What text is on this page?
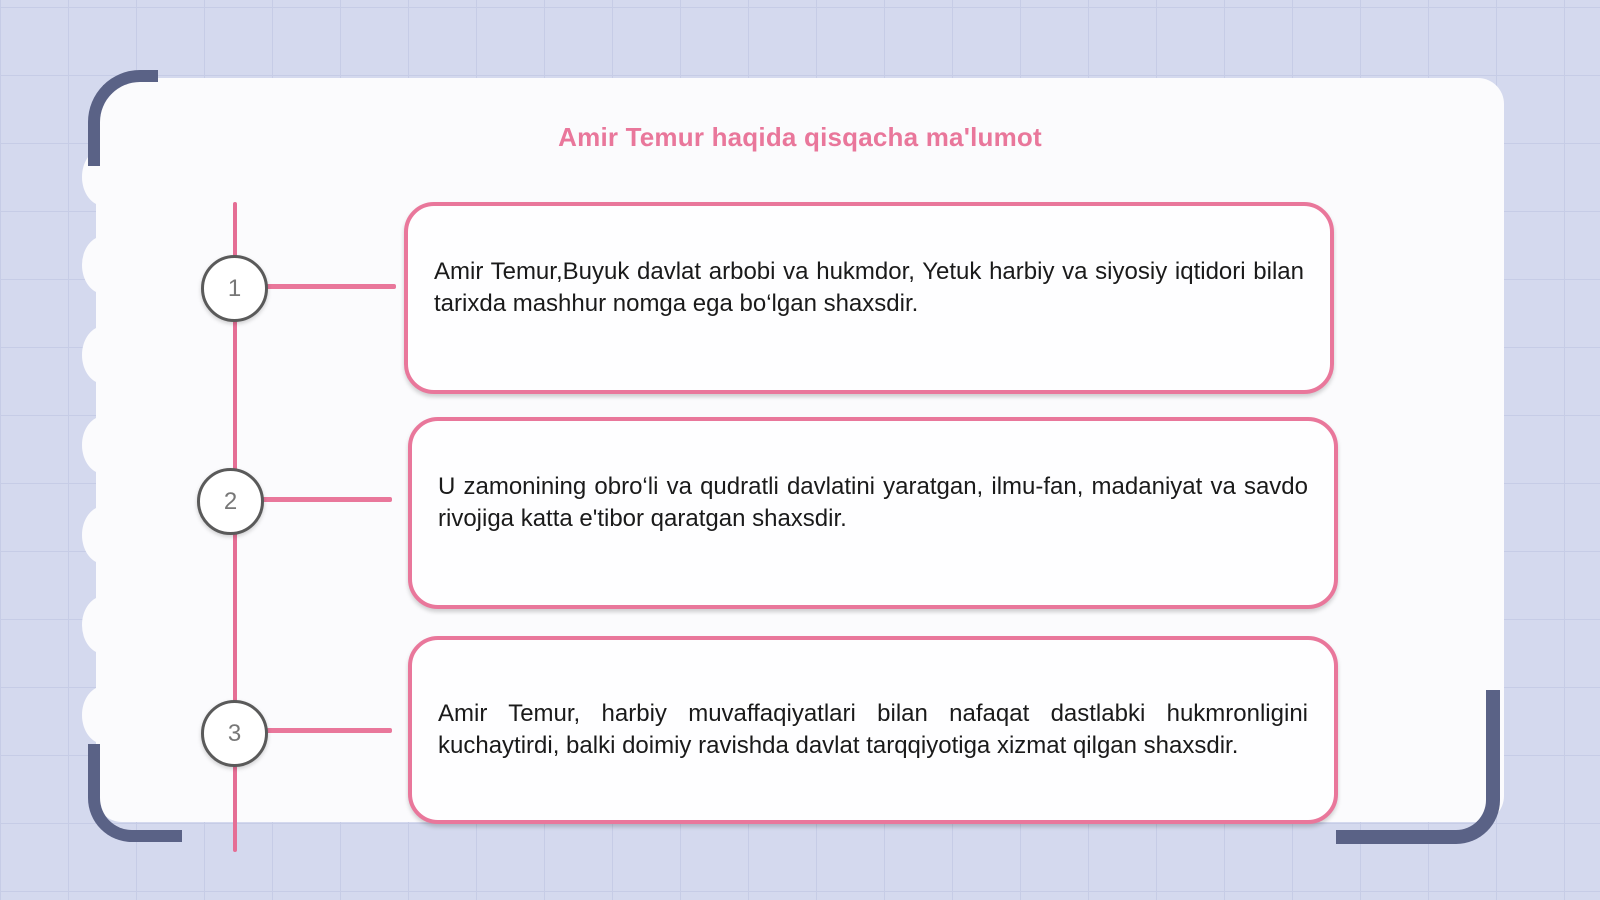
Amir Temur haqida qisqacha ma'lumot
1
2
3
Amir Temur,Buyuk davlat arbobi va hukmdor, Yetuk harbiy va siyosiy iqtidori bilan tarixda mashhur nomga ega bo‘lgan shaxsdir.
U zamonining obro‘li va qudratli davlatini yaratgan, ilmu-fan, madaniyat va savdo rivojiga katta e'tibor qaratgan shaxsdir.
Amir Temur, harbiy muvaffaqiyatlari bilan nafaqat dastlabki hukmronligini kuchaytirdi, balki doimiy ravishda davlat tarqqiyotiga xizmat qilgan shaxsdir.
